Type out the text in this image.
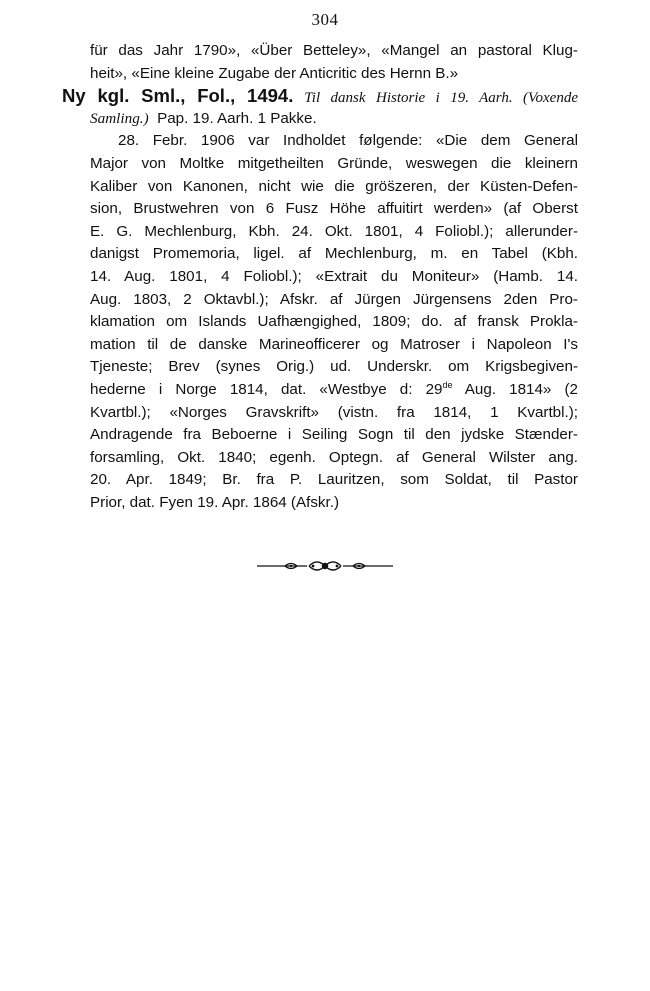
304
für das Jahr 1790», «Über Betteley», «Mangel an pastoral Klug-
heit», «Eine kleine Zugabe der Anticritic des Hernn B.»
Ny kgl. Sml., Fol., 1494. Til dansk Historie i 19. Aarh. (Voxende
Samling.) Pap. 19. Aarh. 1 Pakke.
28. Febr. 1906 var Indholdet følgende: «Die dem General
Major von Moltke mitgetheilten Gründe, weswegen die kleinern
Kaliber von Kanonen, nicht wie die grös̈zeren, der Küsten-Defen-
sion, Brustwehren von 6 Fusz Höhe affuitirt werden» (af Oberst
E. G. Mechlenburg, Kbh. 24. Okt. 1801, 4 Foliobl.); allerunder-
danigst Promemoria, ligel. af Mechlenburg, m. en Tabel (Kbh.
14. Aug. 1801, 4 Foliobl.); «Extrait du Moniteur» (Hamb. 14.
Aug. 1803, 2 Oktavbl.); Afskr. af Jürgen Jürgensens 2den Pro-
klamation om Islands Uafhængighed, 1809; do. af fransk Prokla-
mation til de danske Marineofficerer og Matroser i Napoleon I's
Tjeneste; Brev (synes Orig.) ud. Underskr. om Krigsbegiven-
hederne i Norge 1814, dat. «Westbye d: 29de Aug. 1814» (2
Kvartbl.); «Norges Gravskrift» (vistn. fra 1814, 1 Kvartbl.);
Andragende fra Beboerne i Seiling Sogn til den jydske Stænder-
forsamling, Okt. 1840; egenh. Optegn. af General Wilster ang.
20. Apr. 1849; Br. fra P. Lauritzen, som Soldat, til Pastor
Prior, dat. Fyen 19. Apr. 1864 (Afskr.)
